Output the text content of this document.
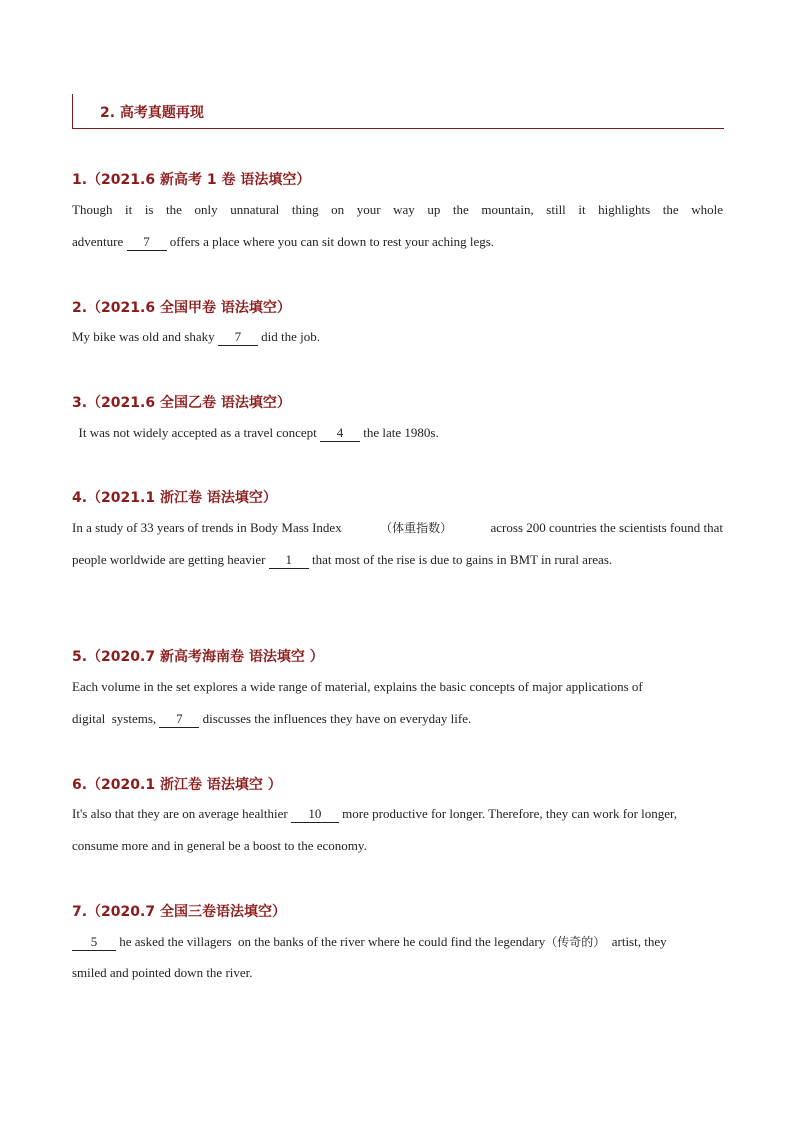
2. 高考真题再现
1.（2021.6 新高考 1 卷 语法填空）
Though it is the only unnatural thing on your way up the mountain, still it highlights the whole
adventure 7 offers a place where you can sit down to rest your aching legs.
2.（2021.6 全国甲卷 语法填空）
My bike was old and shaky 7 did the job.
3.（2021.6 全国乙卷 语法填空）
It was not widely accepted as a travel concept 4 the late 1980s.
4.（2021.1 浙江卷 语法填空）
In a study of 33 years of trends in Body Mass Index	（体重指数）	across 200 countries the scientists found that
people worldwide are getting heavier 1 that most of the rise is due to gains in BMT in rural areas.
5.（2020.7 新高考海南卷 语法填空 ）
Each volume in the set explores a wide range of material, explains the basic concepts of major applications of
digital  systems, 7 discusses the influences they have on everyday life.
6.（2020.1 浙江卷 语法填空 ）
It's also that they are on average healthier 10 more productive for longer. Therefore, they can work for longer,
consume more and in general be a boost to the economy.
7.（2020.7 全国三卷语法填空）
5 he asked the villagers  on the banks of the river where he could find the legendary（传奇的）  artist, they
smiled and pointed down the river.
